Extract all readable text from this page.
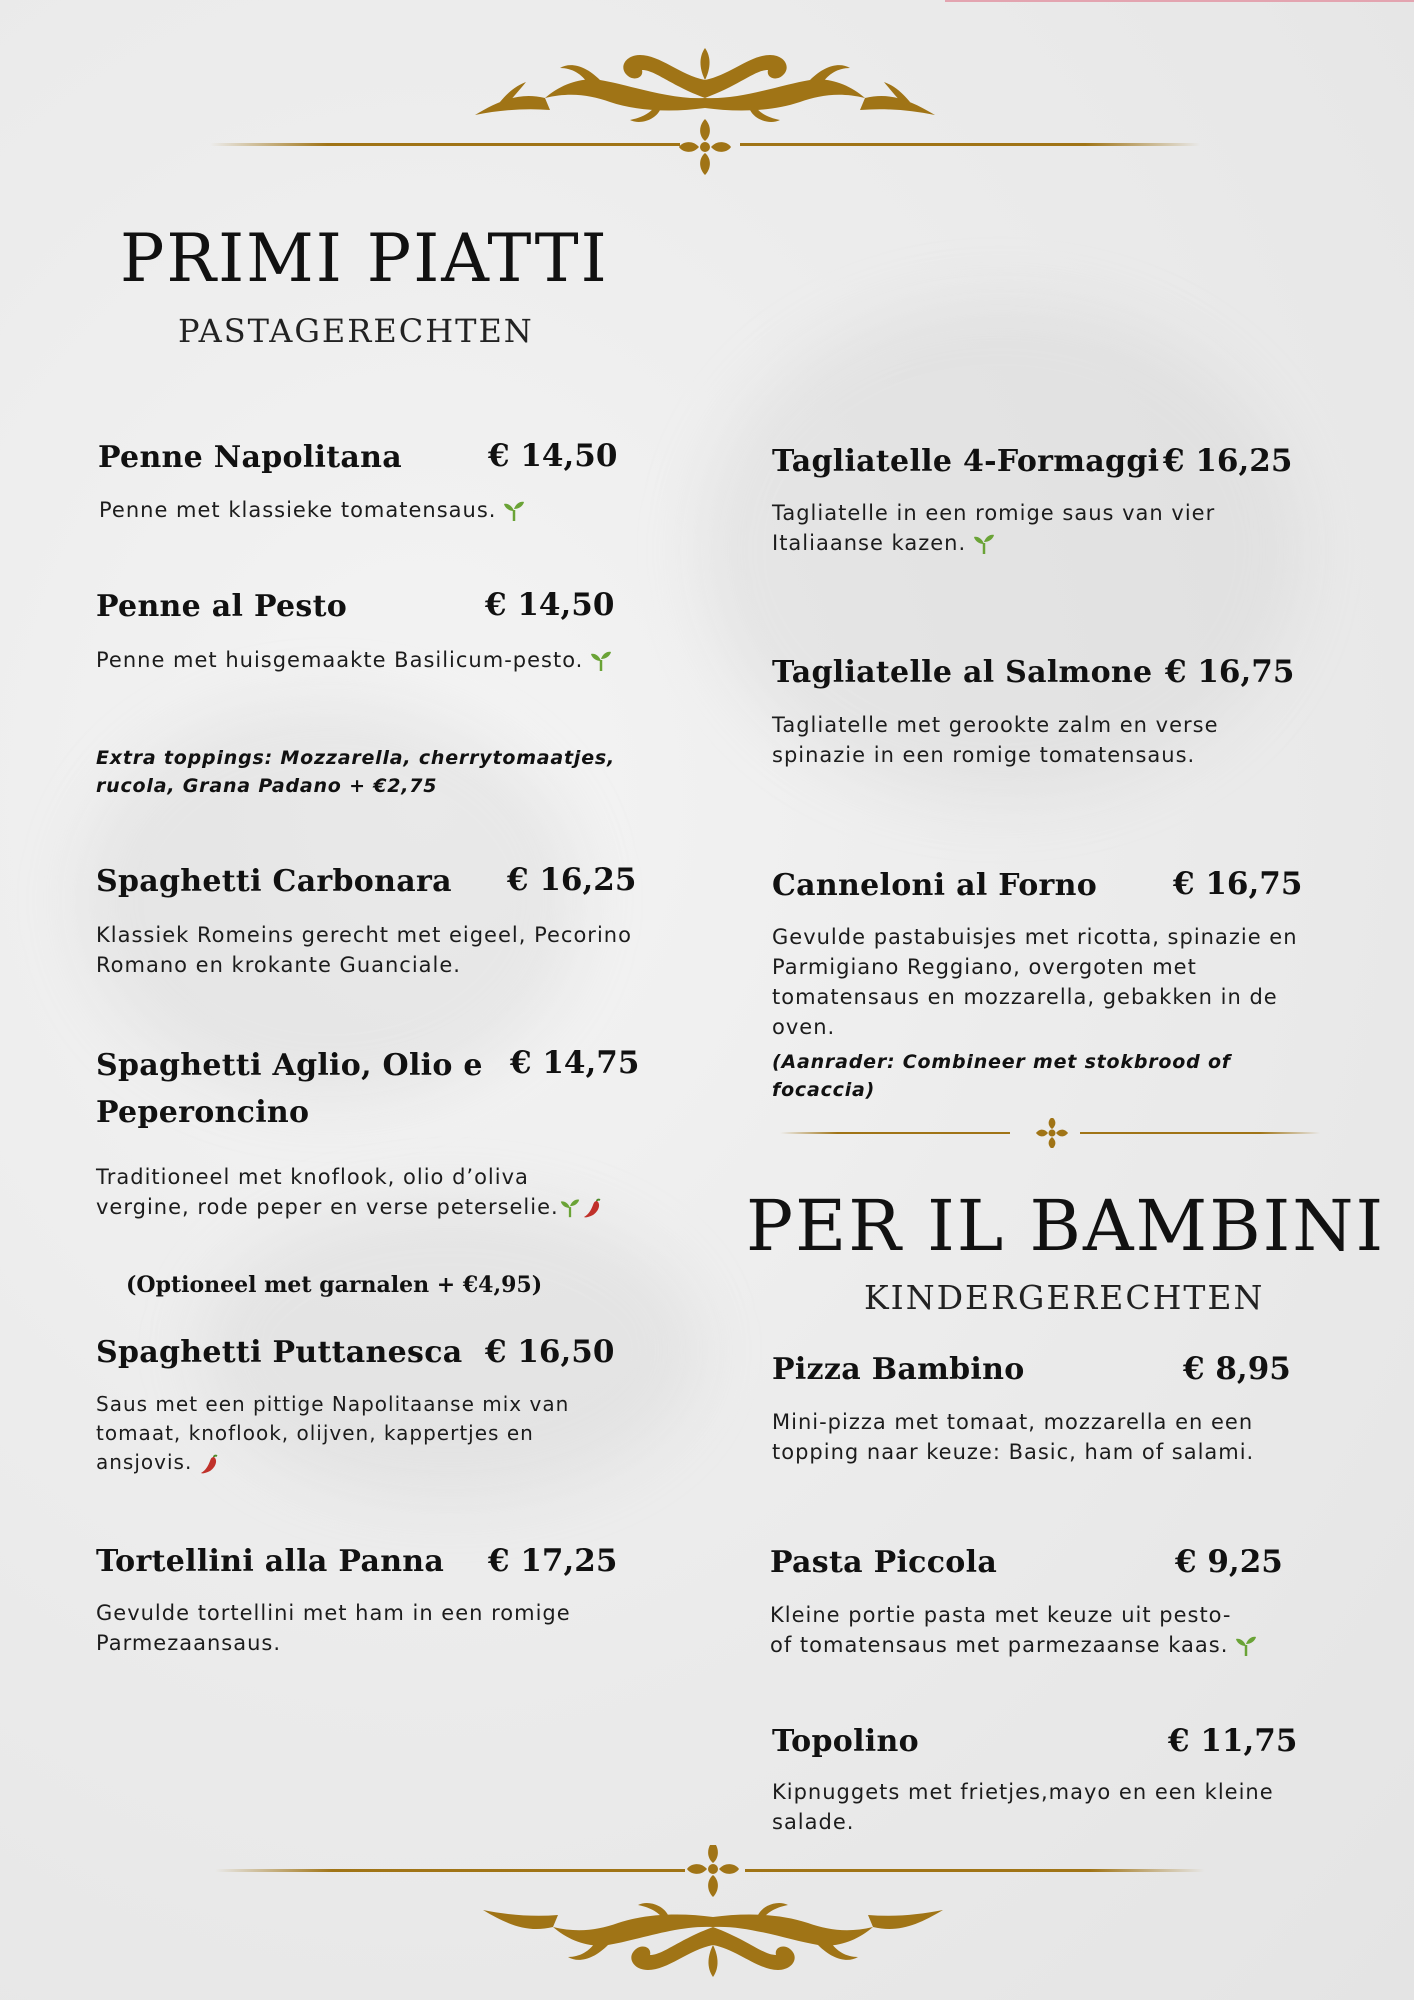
PRIMI PIATTI
PASTAGERECHTEN
Penne Napolitana	€ 14,50
Penne met klassieke tomatensaus.
Penne al Pesto	€ 14,50
Penne met huisgemaakte Basilicum-pesto.
Extra toppings: Mozzarella, cherrytomaatjes, rucola, Grana Padano + €2,75
Spaghetti Carbonara € 16,25
Klassiek Romeins gerecht met eigeel, Pecorino Romano en krokante Guanciale.
Spaghetti Aglio, Olio e Peperoncino
€ 14,75
Traditioneel met knoflook, olio d’oliva vergine, rode peper en verse peterselie.
(Optioneel met garnalen + €4,95)
Spaghetti Puttanesca € 16,50
Saus met een pittige Napolitaanse mix van tomaat, knoflook, olijven, kappertjes en ansjovis.
Tortellini alla Panna € 17,25
Gevulde tortellini met ham in een romige Parmezaansaus.
Tagliatelle 4-Formaggi € 16,25
Tagliatelle in een romige saus van vier Italiaanse kazen.
Tagliatelle al Salmone € 16,75
Tagliatelle met gerookte zalm en verse spinazie in een romige tomatensaus.
Canneloni al Forno € 16,75
Gevulde pastabuisjes met ricotta, spinazie en Parmigiano Reggiano, overgoten met tomatensaus en mozzarella, gebakken in de oven.
(Aanrader: Combineer met stokbrood of focaccia)
PER IL BAMBINI
KINDERGERECHTEN
Pizza Bambino	€ 8,95
Mini-pizza met tomaat, mozzarella en een topping naar keuze: Basic, ham of salami.
Pasta Piccola	€ 9,25
Kleine portie pasta met keuze uit pesto- of tomatensaus met parmezaanse kaas.
Topolino	€ 11,75
Kipnuggets met frietjes,mayo en een kleine salade.
